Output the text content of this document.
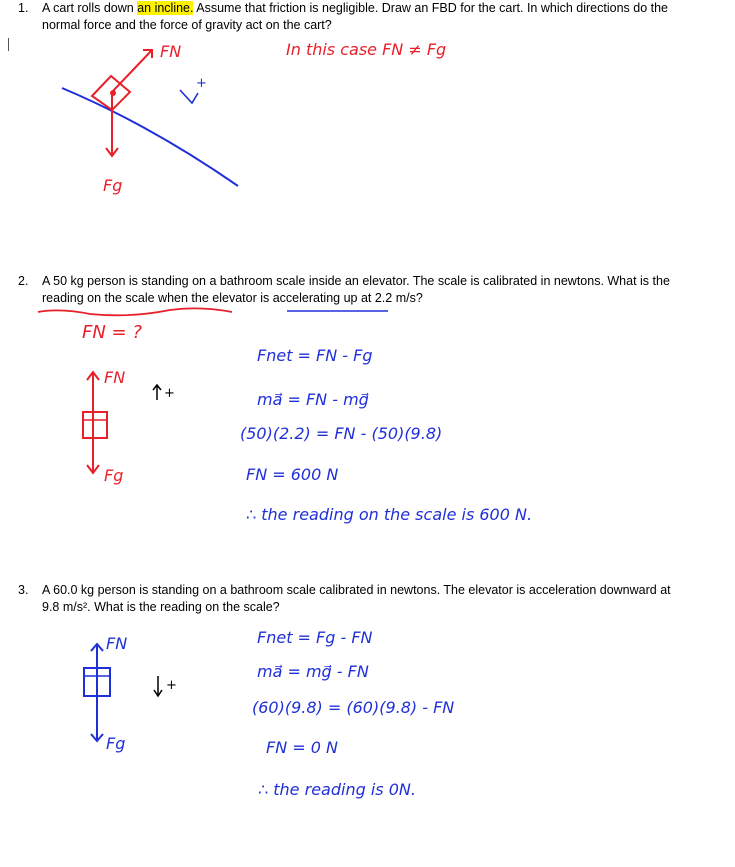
1. A cart rolls down an incline. Assume that friction is negligible. Draw an FBD for the cart. In which directions do the
normal force and the force of gravity act on the cart?
FN
Fg
In this case FN ≠ Fg
+
2. A 50 kg person is standing on a bathroom scale inside an elevator. The scale is calibrated in newtons. What is the
reading on the scale when the elevator is accelerating up at 2.2 m/s?
FN = ?
FN
Fg
+
Fnet = FN - Fg
ma⃗ = FN - mg⃗
(50)(2.2) = FN - (50)(9.8)
FN = 600 N
∴ the reading on the scale is 600 N.
3. A 60.0 kg person is standing on a bathroom scale calibrated in newtons. The elevator is acceleration downward at
9.8 m/s². What is the reading on the scale?
FN
Fg
+
Fnet = Fg - FN
ma⃗ = mg⃗ - FN
(60)(9.8) = (60)(9.8) - FN
FN = 0 N
∴ the reading is 0N.
